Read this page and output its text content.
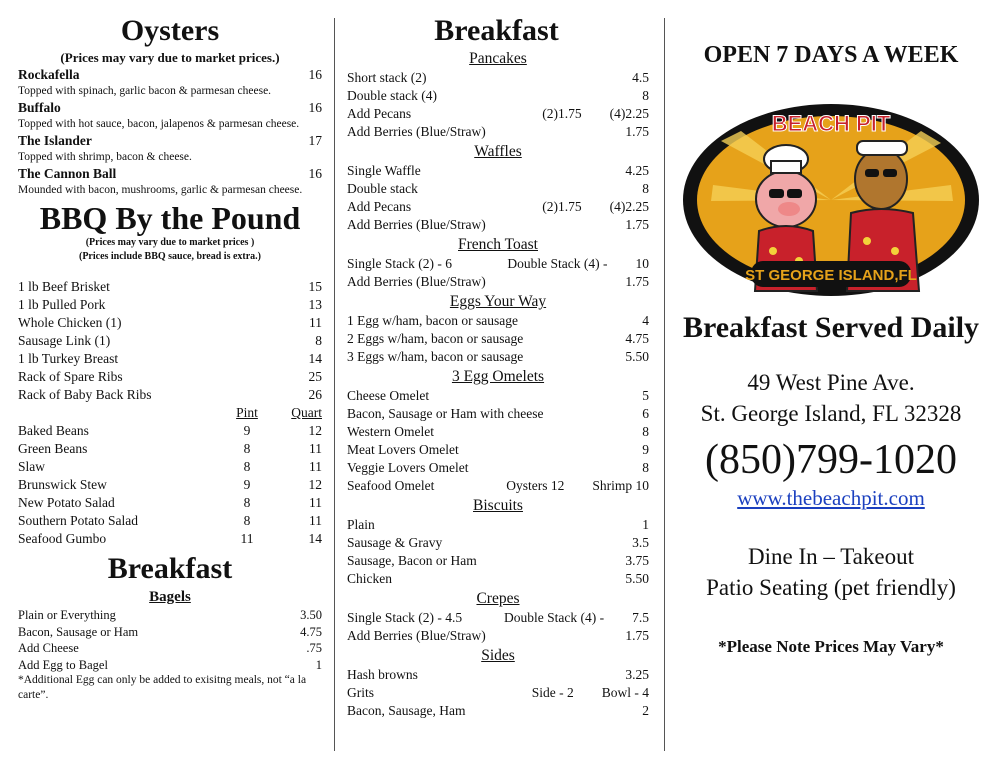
Oysters
(Prices may vary due to market prices.)
Rockafella	16
Topped with spinach, garlic bacon & parmesan cheese.
Buffalo	16
Topped with hot sauce, bacon, jalapenos & parmesan cheese.
The Islander	17
Topped with shrimp, bacon & cheese.
The Cannon Ball	16
Mounded with bacon, mushrooms, garlic & parmesan cheese.
BBQ By the Pound
(Prices may vary due to market prices )
(Prices include BBQ sauce, bread is extra.)
1 lb Beef Brisket	15
1 lb Pulled Pork	13
Whole Chicken (1)	11
Sausage Link (1)	8
1 lb Turkey Breast	14
Rack of Spare Ribs	25
Rack of Baby Back Ribs	26
Pint	Quart
Baked Beans	9	12
Green Beans	8	11
Slaw	8	11
Brunswick Stew	9	12
New Potato Salad	8	11
Southern Potato Salad	8	11
Seafood Gumbo	11	14
Breakfast
Bagels
Plain or Everything	3.50
Bacon, Sausage or Ham	4.75
Add Cheese	.75
Add Egg to Bagel	1
*Additional Egg can only be added to exisitng meals, not “a la carte”.
Breakfast
Pancakes
Short stack (2)	4.5
Double stack (4)	8
Add Pecans	(2)1.75 (4)2.25
Add Berries (Blue/Straw)	1.75
Waffles
Single Waffle	4.25
Double stack	8
Add Pecans	(2)1.75 (4)2.25
Add Berries (Blue/Straw)	1.75
French Toast
Single Stack (2) - 6	Double Stack (4) - 10
Add Berries (Blue/Straw)	1.75
Eggs Your Way
1 Egg w/ham, bacon or sausage	4
2 Eggs w/ham, bacon or sausage	4.75
3 Eggs w/ham, bacon or sausage	5.50
3 Egg Omelets
Cheese Omelet	5
Bacon, Sausage or Ham with cheese	6
Western Omelet	8
Meat Lovers Omelet	9
Veggie Lovers Omelet	8
Seafood Omelet	Oysters 12 Shrimp 10
Biscuits
Plain	1
Sausage & Gravy	3.5
Sausage, Bacon or Ham	3.75
Chicken	5.50
Crepes
Single Stack (2) - 4.5	Double Stack (4) - 7.5
Add Berries (Blue/Straw)	1.75
Sides
Hash browns	3.25
Grits	Side - 2 Bowl - 4
Bacon, Sausage, Ham	2
OPEN 7 DAYS A WEEK
BEACH PIT
ST GEORGE ISLAND,FL
Breakfast Served Daily
49 West Pine Ave.
St. George Island, FL 32328
(850)799-1020
www.thebeachpit.com
Dine In – Takeout
Patio Seating (pet friendly)
*Please Note Prices May Vary*
